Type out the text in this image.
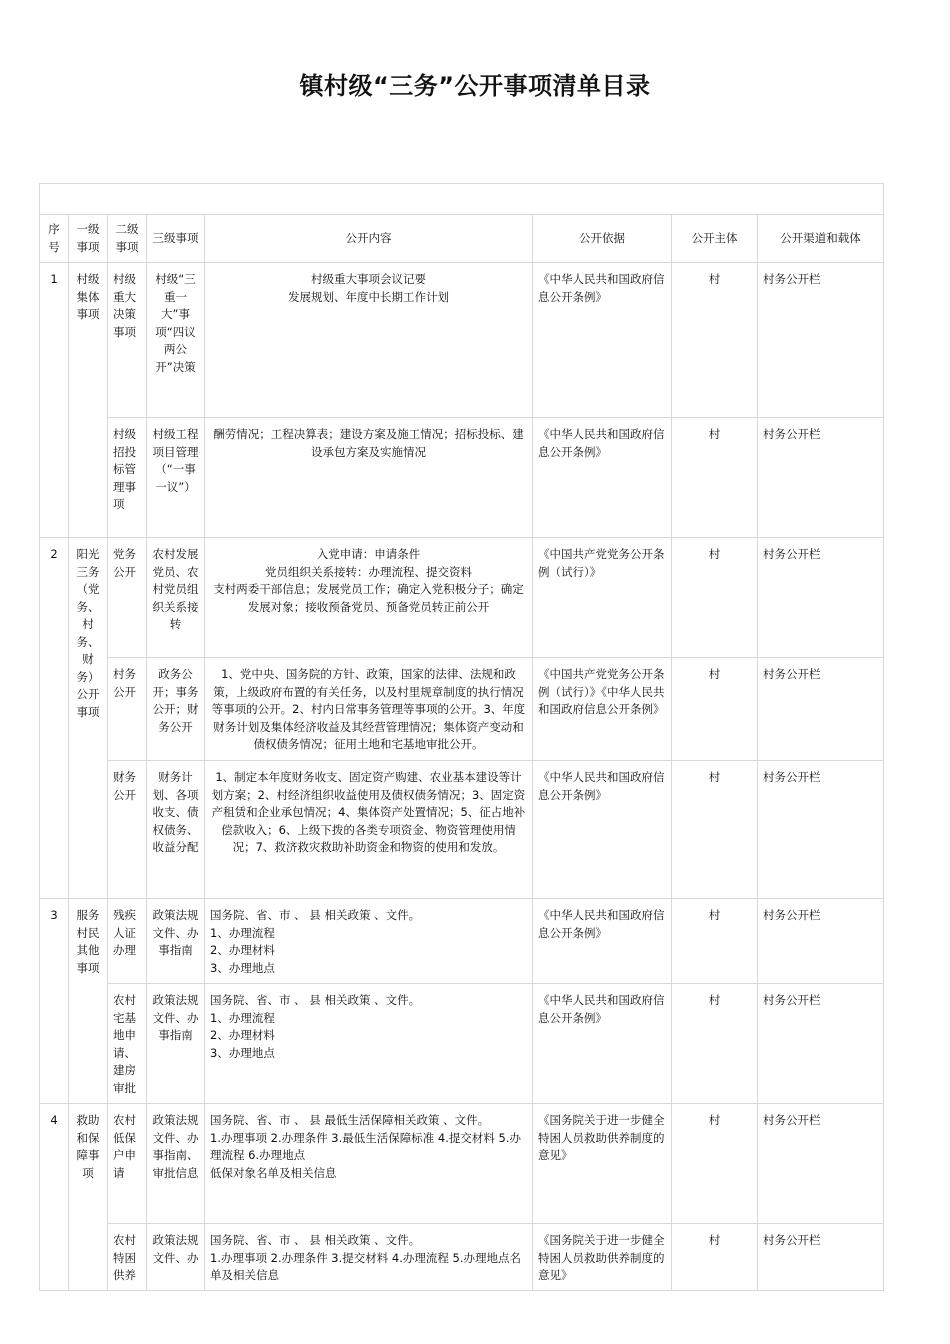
镇村级“三务”公开事项清单目录

序号	一级事项	二级事项	三级事项	公开内容	公开依据	公开主体	公开渠道和载体
1	村级集体事项	村级重大决策事项	村级“三重一大”事项“四议两公开”决策	村级重大事项会议记要
发展规划、年度中长期工作计划	《中华人民共和国政府信息公开条例》	村	村务公开栏
		村级招投标管理事项	村级工程项目管理（“一事一议”）	酬劳情况；工程决算表；建设方案及施工情况；招标投标、建设承包方案及实施情况	《中华人民共和国政府信息公开条例》	村	村务公开栏
2	阳光三务（党务、村务、财务）公开事项	党务公开	农村发展党员、农村党员组织关系接转	入党申请：申请条件
党员组织关系接转：办理流程、提交资料
支村两委干部信息；发展党员工作；确定入党积极分子；确定发展对象；接收预备党员、预备党员转正前公开	《中国共产党党务公开条例（试行）》	村	村务公开栏
		村务公开	政务公开；事务公开；财务公开	1、党中央、国务院的方针、政策，国家的法律、法规和政策，上级政府布置的有关任务，以及村里规章制度的执行情况等事项的公开。2、村内日常事务管理等事项的公开。3、年度财务计划及集体经济收益及其经营管理情况；集体资产变动和债权债务情况；征用土地和宅基地审批公开。	《中国共产党党务公开条例（试行）》《中华人民共和国政府信息公开条例》	村	村务公开栏
		财务公开	财务计划、各项收支、债权债务、收益分配	1、制定本年度财务收支、固定资产购建、农业基本建设等计划方案；2、村经济组织收益使用及债权债务情况；3、固定资产租赁和企业承包情况；4、集体资产处置情况；5、征占地补偿款收入；6、上级下拨的各类专项资金、物资管理使用情况；7、救济救灾救助补助资金和物资的使用和发放。	《中华人民共和国政府信息公开条例》	村	村务公开栏
3	服务村民其他事项	残疾人证办理	政策法规文件、办事指南	国务院、省、市 、 县 相关政策 、文件。
1、办理流程
2、办理材料
3、办理地点	《中华人民共和国政府信息公开条例》	村	村务公开栏
		农村宅基地申请、建房审批	政策法规文件、办事指南	国务院、省、市 、 县 相关政策 、文件。
1、办理流程
2、办理材料
3、办理地点	《中华人民共和国政府信息公开条例》	村	村务公开栏
4	救助和保障事项	农村低保户申请	政策法规文件、办事指南、审批信息	国务院、省、市 、 县 最低生活保障相关政策 、文件。
1.办理事项 2.办理条件 3.最低生活保障标准 4.提交材料 5.办理流程 6.办理地点
低保对象名单及相关信息	《国务院关于进一步健全特困人员救助供养制度的意见》	村	村务公开栏
		农村特困供养	政策法规文件、办	国务院、省、市 、 县 相关政策 、文件。
1.办理事项 2.办理条件 3.提交材料 4.办理流程 5.办理地点名单及相关信息	《国务院关于进一步健全特困人员救助供养制度的意见》	村	村务公开栏
